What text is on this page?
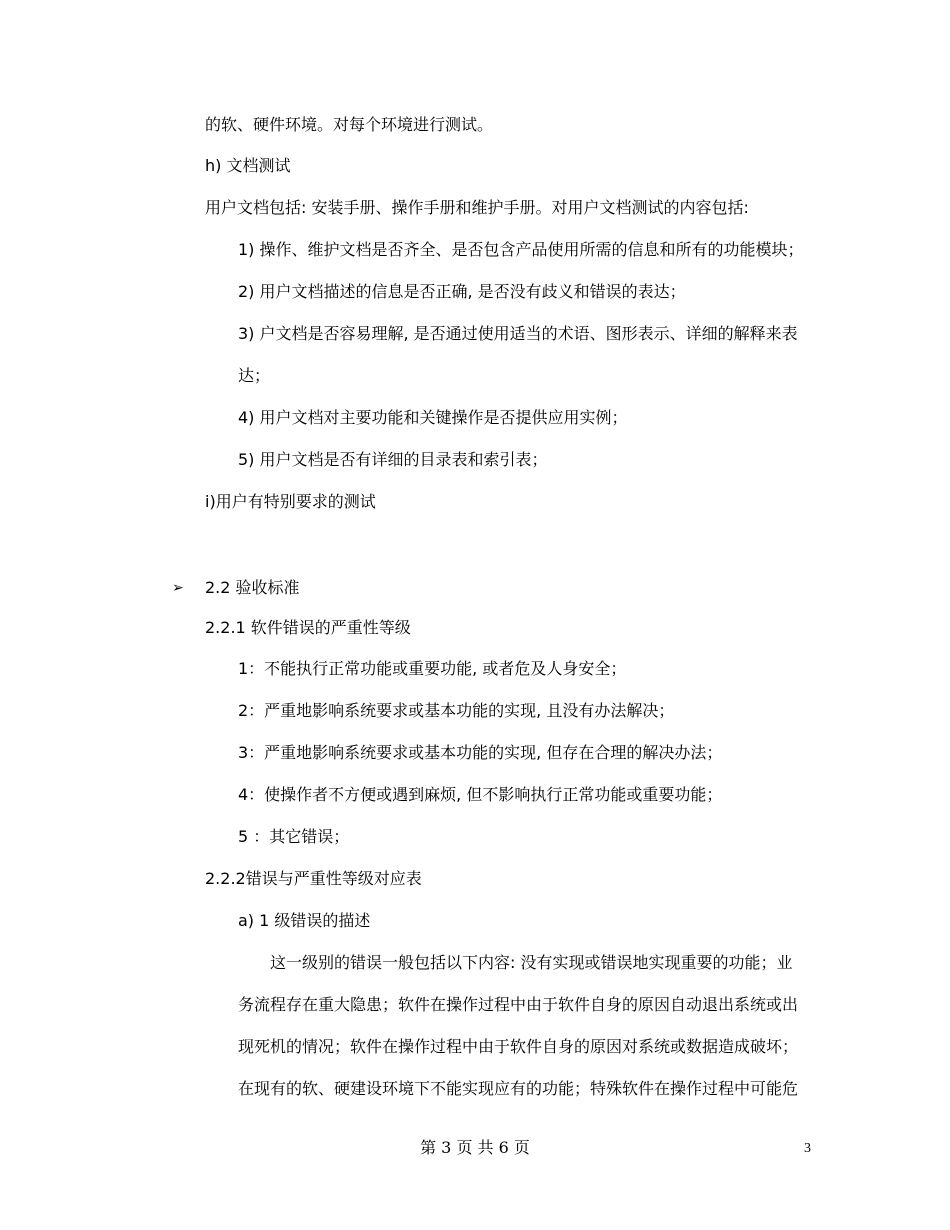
的软、硬件环境。对每个环境进行测试。
h) 文档测试
用户文档包括: 安装手册、操作手册和维护手册。对用户文档测试的内容包括:
1) 操作、维护文档是否齐全、是否包含产品使用所需的信息和所有的功能模块；
2) 用户文档描述的信息是否正确, 是否没有歧义和错误的表达；
3) 户文档是否容易理解, 是否通过使用适当的术语、图形表示、详细的解释来表
达；
4) 用户文档对主要功能和关键操作是否提供应用实例；
5) 用户文档是否有详细的目录表和索引表；
i)用户有特别要求的测试
➢ 2.2 验收标准
2.2.1 软件错误的严重性等级
1：不能执行正常功能或重要功能, 或者危及人身安全；
2：严重地影响系统要求或基本功能的实现, 且没有办法解决；
3：严重地影响系统要求或基本功能的实现, 但存在合理的解决办法；
4：使操作者不方便或遇到麻烦, 但不影响执行正常功能或重要功能；
5 ：其它错误；
2.2.2错误与严重性等级对应表
a) 1 级错误的描述
这一级别的错误一般包括以下内容: 没有实现或错误地实现重要的功能；业
务流程存在重大隐患；软件在操作过程中由于软件自身的原因自动退出系统或出
现死机的情况；软件在操作过程中由于软件自身的原因对系统或数据造成破坏；
在现有的软、硬建设环境下不能实现应有的功能；特殊软件在操作过程中可能危
第 3 页 共 6 页	3
